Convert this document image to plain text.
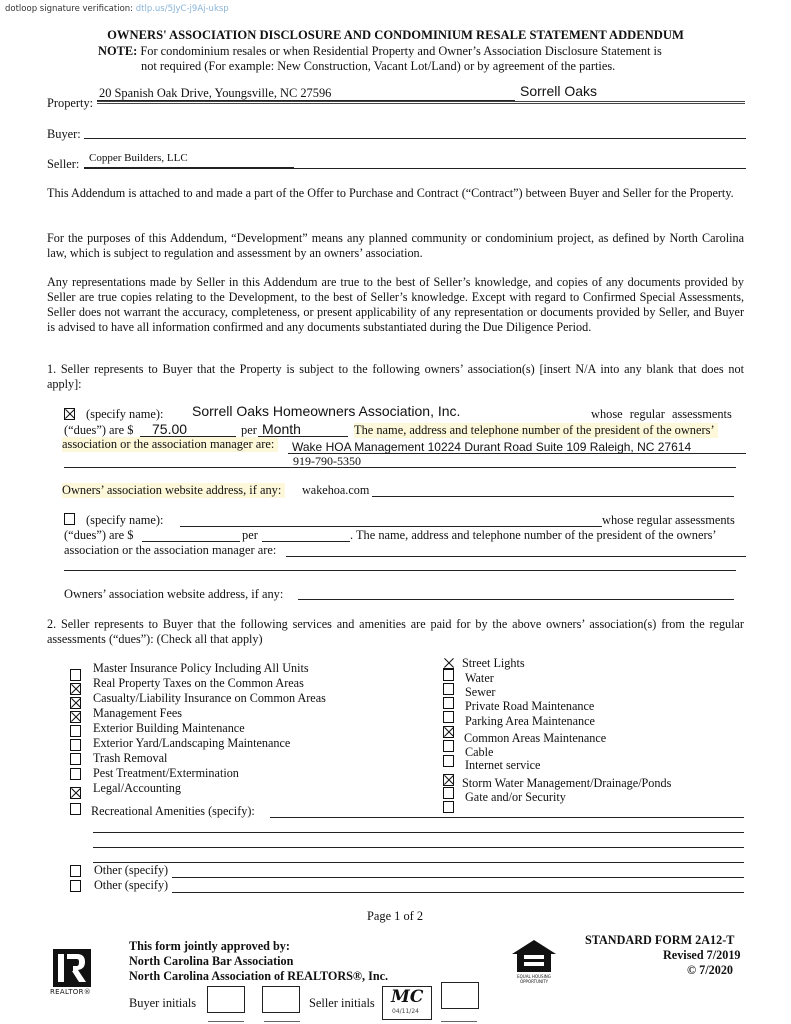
dotloop signature verification: dtlp.us/5JyC-j9Aj-uksp
OWNERS' ASSOCIATION DISCLOSURE AND CONDOMINIUM RESALE STATEMENT ADDENDUM
NOTE: For condominium resales or when Residential Property and Owner’s Association Disclosure Statement is
not required (For example: New Construction, Vacant Lot/Land) or by agreement of the parties.
Property:
20 Spanish Oak Drive, Youngsville, NC 27596	Sorrell Oaks
Buyer:
Seller: Copper Builders, LLC
This Addendum is attached to and made a part of the Offer to Purchase and Contract (“Contract”) between Buyer and Seller for the Property.
For the purposes of this Addendum, “Development” means any planned community or condominium project, as defined by North Carolina law, which is subject to regulation and assessment by an owners’ association.
Any representations made by Seller in this Addendum are true to the best of Seller’s knowledge, and copies of any documents provided by Seller are true copies relating to the Development, to the best of Seller’s knowledge. Except with regard to Confirmed Special Assessments, Seller does not warrant the accuracy, completeness, or present applicability of any representation or documents provided by Seller, and Buyer is advised to have all information confirmed and any documents substantiated during the Due Diligence Period.
1. Seller represents to Buyer that the Property is subject to the following owners’ association(s) [insert N/A into any blank that does not apply]:
(specify name): Sorrell Oaks Homeowners Association, Inc.	whose regular assessments
(“dues”) are $ 75.00	per Month	The name, address and telephone number of the president of the owners’
association or the association manager are:	Wake HOA Management 10224 Durant Road Suite 109 Raleigh, NC 27614
919-790-5350
Owners’ association website address, if any:	wakehoa.com
(specify name):	whose regular assessments
(“dues”) are $	per	. The name, address and telephone number of the president of the owners’
association or the association manager are:
Owners’ association website address, if any:
2. Seller represents to Buyer that the following services and amenities are paid for by the above owners’ association(s) from the regular assessments (“dues”): (Check all that apply)
Master Insurance Policy Including All Units
Real Property Taxes on the Common Areas
Casualty/Liability Insurance on Common Areas
Management Fees
Exterior Building Maintenance
Exterior Yard/Landscaping Maintenance
Trash Removal
Pest Treatment/Extermination
Legal/Accounting
Recreational Amenities (specify):
Street Lights
Water
Sewer
Private Road Maintenance
Parking Area Maintenance
Common Areas Maintenance
Cable
Internet service
Storm Water Management/Drainage/Ponds
Gate and/or Security
Other (specify)
Other (specify)
Page 1 of 2
REALTOR®
This form jointly approved by:
North Carolina Bar Association
North Carolina Association of REALTORS®, Inc.	EQUAL HOUSING OPPORTUNITY
STANDARD FORM 2A12-T
Revised 7/2019
© 7/2020
Buyer initials	Seller initials MC
04/11/24
